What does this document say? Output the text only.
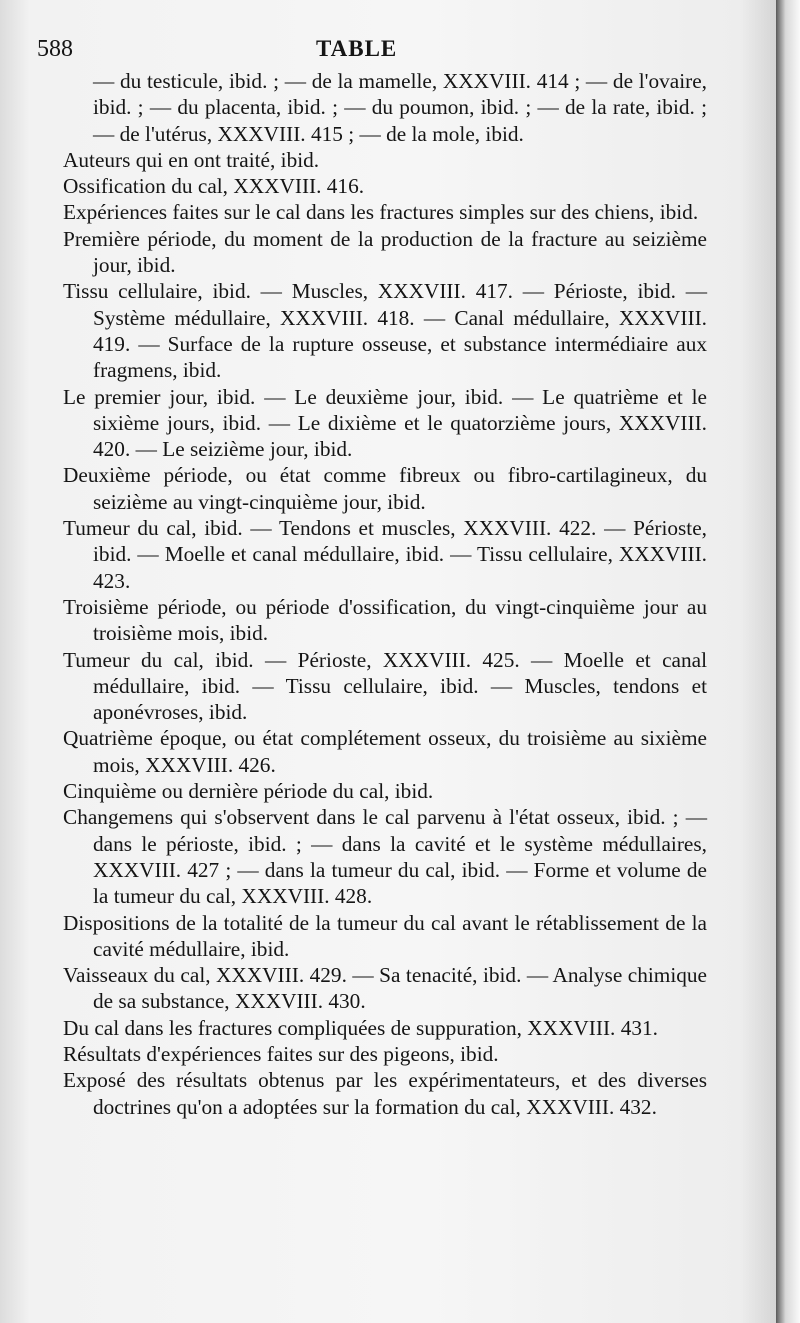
588	TABLE
— du testicule, ibid. ; — de la mamelle, XXXVIII. 414 ; — de l'ovaire, ibid. ; — du placenta, ibid. ; — du poumon, ibid. ; — de la rate, ibid. ; — de l'utérus, XXXVIII. 415 ; — de la mole, ibid.
Auteurs qui en ont traité, ibid.
Ossification du cal, XXXVIII. 416.
Expériences faites sur le cal dans les fractures simples sur des chiens, ibid.
Première période, du moment de la production de la fracture au seizième jour, ibid.
Tissu cellulaire, ibid. — Muscles, XXXVIII. 417. — Périoste, ibid. — Système médullaire, XXXVIII. 418. — Canal médullaire, XXXVIII. 419. — Surface de la rupture osseuse, et substance intermédiaire aux fragmens, ibid.
Le premier jour, ibid. — Le deuxième jour, ibid. — Le quatrième et le sixième jours, ibid. — Le dixième et le quatorzième jours, XXXVIII. 420. — Le seizième jour, ibid.
Deuxième période, ou état comme fibreux ou fibro-cartilagineux, du seizième au vingt-cinquième jour, ibid.
Tumeur du cal, ibid. — Tendons et muscles, XXXVIII. 422. — Périoste, ibid. — Moelle et canal médullaire, ibid. — Tissu cellulaire, XXXVIII. 423.
Troisième période, ou période d'ossification, du vingt-cinquième jour au troisième mois, ibid.
Tumeur du cal, ibid. — Périoste, XXXVIII. 425. — Moelle et canal médullaire, ibid. — Tissu cellulaire, ibid. — Muscles, tendons et aponévroses, ibid.
Quatrième époque, ou état complétement osseux, du troisième au sixième mois, XXXVIII. 426.
Cinquième ou dernière période du cal, ibid.
Changemens qui s'observent dans le cal parvenu à l'état osseux, ibid. ; — dans le périoste, ibid. ; — dans la cavité et le système médullaires, XXXVIII. 427 ; — dans la tumeur du cal, ibid. — Forme et volume de la tumeur du cal, XXXVIII. 428.
Dispositions de la totalité de la tumeur du cal avant le rétablissement de la cavité médullaire, ibid.
Vaisseaux du cal, XXXVIII. 429. — Sa tenacité, ibid. — Analyse chimique de sa substance, XXXVIII. 430.
Du cal dans les fractures compliquées de suppuration, XXXVIII. 431.
Résultats d'expériences faites sur des pigeons, ibid.
Exposé des résultats obtenus par les expérimentateurs, et des diverses doctrines qu'on a adoptées sur la formation du cal, XXXVIII. 432.
